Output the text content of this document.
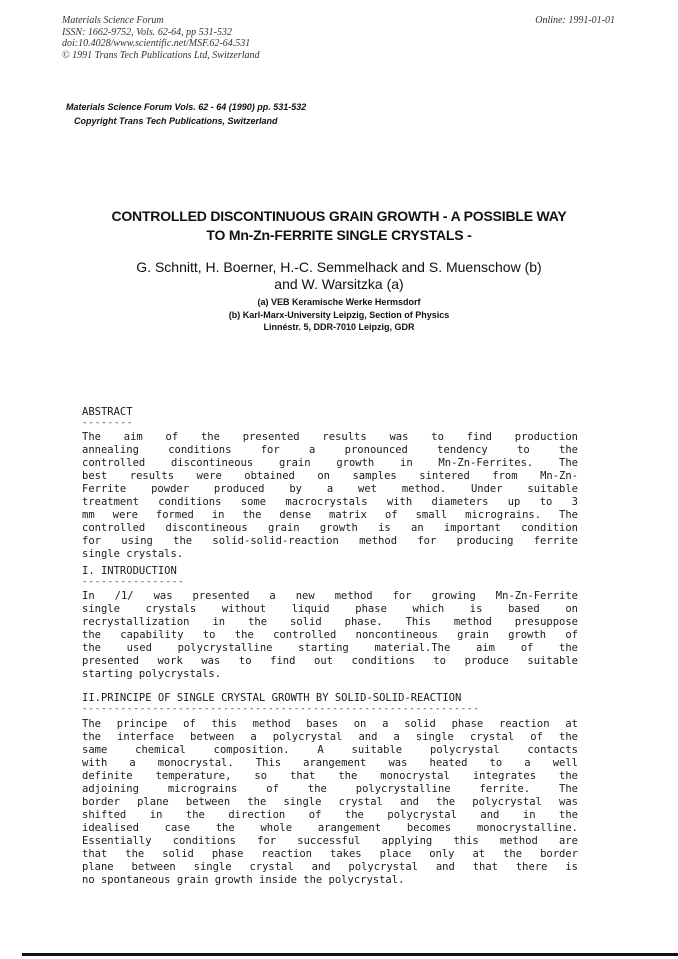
Materials Science Forum
ISSN: 1662-9752, Vols. 62-64, pp 531-532
doi:10.4028/www.scientific.net/MSF.62-64.531
© 1991 Trans Tech Publications Ltd, Switzerland
Online: 1991-01-01
Materials Science Forum Vols. 62 - 64 (1990) pp. 531-532
Copyright Trans Tech Publications, Switzerland
CONTROLLED DISCONTINUOUS GRAIN GROWTH - A POSSIBLE WAY
TO Mn-Zn-FERRITE SINGLE CRYSTALS -
G. Schnitt, H. Boerner, H.-C. Semmelhack and S. Muenschow (b)
and W. Warsitzka (a)
(a) VEB Keramische Werke Hermsdorf
(b) Karl-Marx-University Leipzig, Section of Physics
Linnéstr. 5, DDR-7010 Leipzig, GDR
ABSTRACT
--------
The aim of the presented results was to find production
annealing conditions for a pronounced tendency to the
controlled discontineous grain growth in Mn-Zn-Ferrites. The
best results were obtained on samples sintered from Mn-Zn-
Ferrite powder produced by a wet method. Under suitable
treatment conditions some macrocrystals with diameters up to 3
mm were formed in the dense matrix of small micrograins. The
controlled discontineous grain growth is an important condition
for using the solid-solid-reaction method for producing ferrite
single crystals.
I. INTRODUCTION
----------------
In /1/ was presented a new method for growing Mn-Zn-Ferrite
single crystals without liquid phase which is based on
recrystallization in the solid phase. This method presuppose
the capability to the controlled noncontineous grain growth of
the used polycrystalline starting material.The aim of the
presented work was to find out conditions to produce suitable
starting polycrystals.
II.PRINCIPE OF SINGLE CRYSTAL GROWTH BY SOLID-SOLID-REACTION
--------------------------------------------------------------
The principe of this method bases on a solid phase reaction at
the interface between a polycrystal and a single crystal of the
same chemical composition. A suitable polycrystal contacts
with a monocrystal. This arangement was heated to a well
definite temperature, so that the monocrystal integrates the
adjoining micrograins of the polycrystalline ferrite. The
border plane between the single crystal and the polycrystal was
shifted in the direction of the polycrystal and in the
idealised case the whole arangement becomes monocrystalline.
Essentially conditions for successful applying this method are
that the solid phase reaction takes place only at the border
plane between single crystal and polycrystal and that there is
no spontaneous grain growth inside the polycrystal.
